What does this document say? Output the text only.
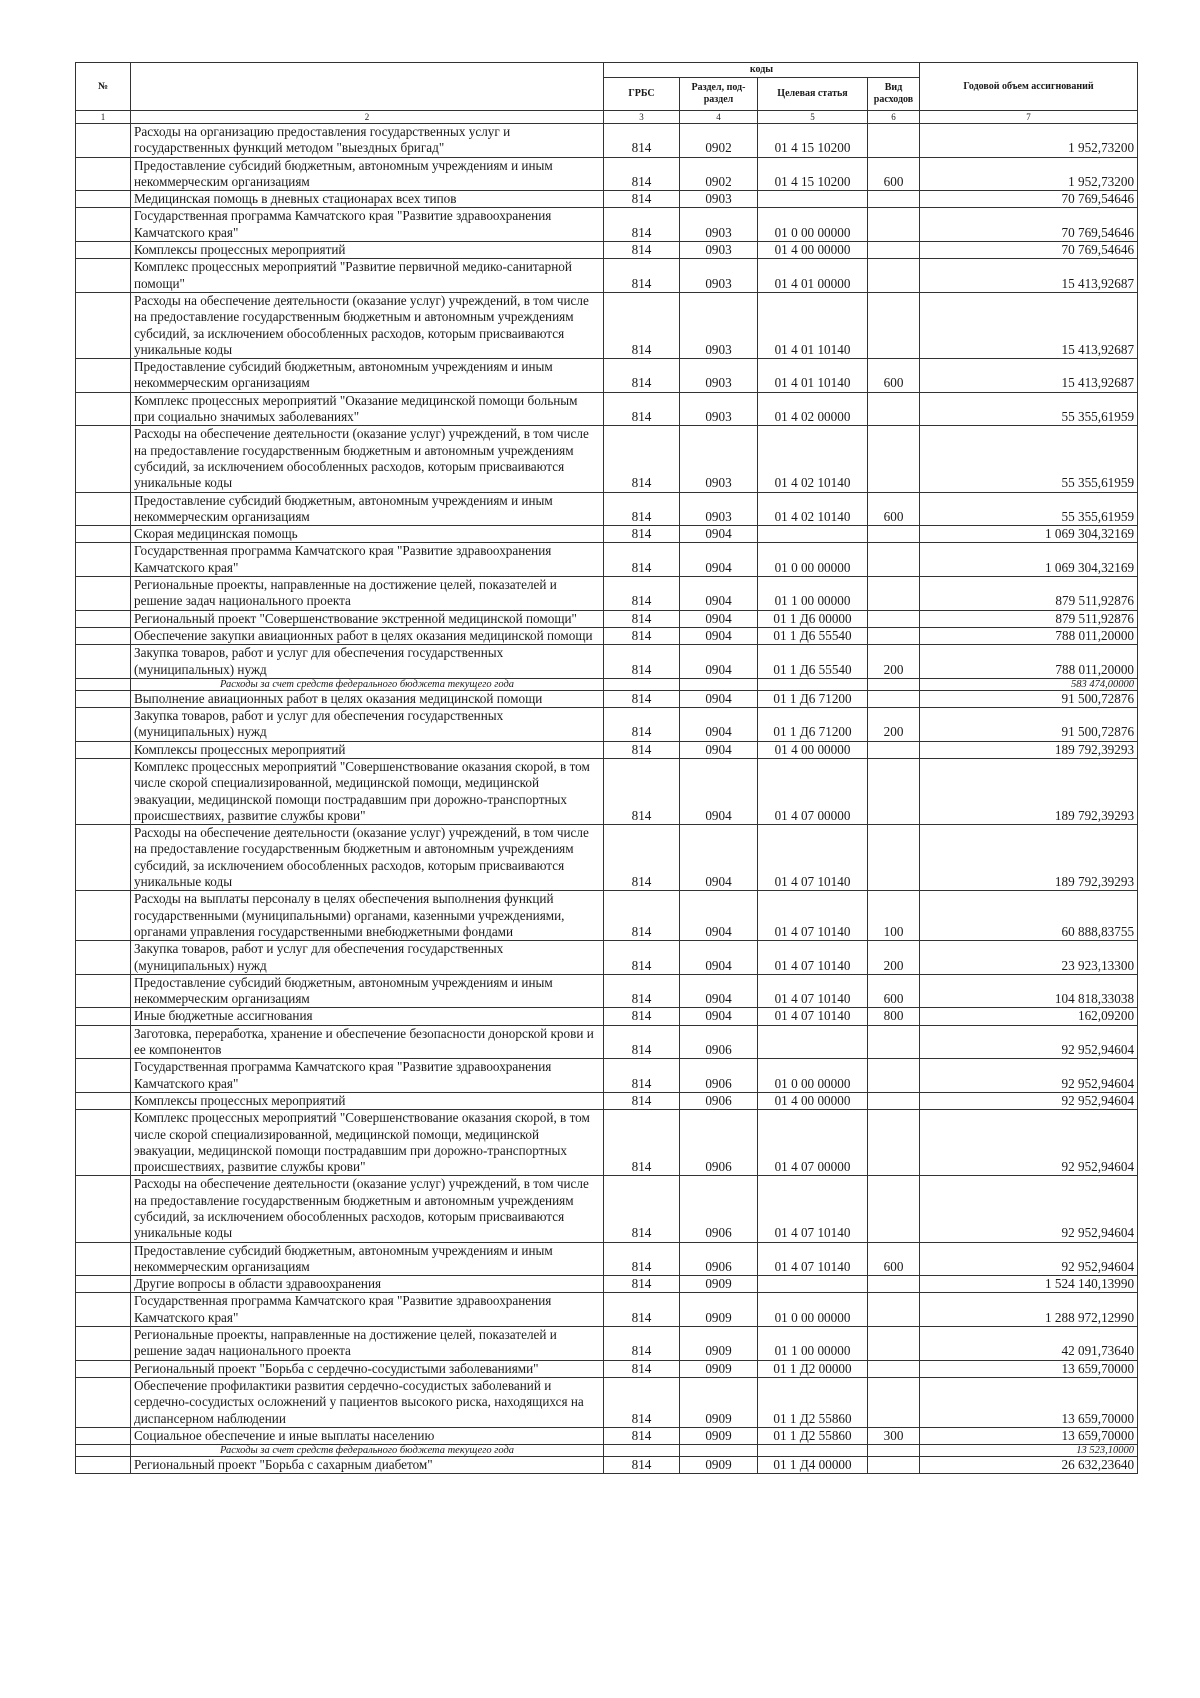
№		коды				Годовой объем ассигнований
		ГРБС	Раздел, под-раздел	Целевая статья	Вид расходов	
1	2	3	4	5	6	7
	Расходы на организацию предоставления государственных услуг и государственных функций методом "выездных бригад"	814	0902	01 4 15 10200		1 952,73200
	Предоставление субсидий бюджетным, автономным учреждениям и иным некоммерческим организациям	814	0902	01 4 15 10200	600	1 952,73200
	Медицинская помощь в дневных стационарах всех типов	814	0903			70 769,54646
	Государственная программа Камчатского края "Развитие здравоохранения Камчатского края"	814	0903	01 0 00 00000		70 769,54646
	Комплексы процессных мероприятий	814	0903	01 4 00 00000		70 769,54646
	Комплекс процессных мероприятий "Развитие первичной медико-санитарной помощи"	814	0903	01 4 01 00000		15 413,92687
	Расходы на обеспечение деятельности (оказание услуг) учреждений, в том числе на предоставление государственным бюджетным и автономным учреждениям субсидий, за исключением обособленных расходов, которым присваиваются уникальные коды	814	0903	01 4 01 10140		15 413,92687
	Предоставление субсидий бюджетным, автономным учреждениям и иным некоммерческим организациям	814	0903	01 4 01 10140	600	15 413,92687
	Комплекс процессных мероприятий "Оказание медицинской помощи больным при социально значимых заболеваниях"	814	0903	01 4 02 00000		55 355,61959
	Расходы на обеспечение деятельности (оказание услуг) учреждений, в том числе на предоставление государственным бюджетным и автономным учреждениям субсидий, за исключением обособленных расходов, которым присваиваются уникальные коды	814	0903	01 4 02 10140		55 355,61959
	Предоставление субсидий бюджетным, автономным учреждениям и иным некоммерческим организациям	814	0903	01 4 02 10140	600	55 355,61959
	Скорая медицинская помощь	814	0904			1 069 304,32169
	Государственная программа Камчатского края "Развитие здравоохранения Камчатского края"	814	0904	01 0 00 00000		1 069 304,32169
	Региональные проекты, направленные на достижение целей, показателей и решение задач национального проекта	814	0904	01 1 00 00000		879 511,92876
	Региональный проект "Совершенствование экстренной медицинской помощи"	814	0904	01 1 Д6 00000		879 511,92876
	Обеспечение закупки авиационных работ в целях оказания медицинской помощи	814	0904	01 1 Д6 55540		788 011,20000
	Закупка товаров, работ и услуг для обеспечения государственных (муниципальных) нужд	814	0904	01 1 Д6 55540	200	788 011,20000
	Расходы за счет средств федерального бюджета текущего года					583 474,00000
	Выполнение авиационных работ в целях оказания медицинской помощи	814	0904	01 1 Д6 71200		91 500,72876
	Закупка товаров, работ и услуг для обеспечения государственных (муниципальных) нужд	814	0904	01 1 Д6 71200	200	91 500,72876
	Комплексы процессных мероприятий	814	0904	01 4 00 00000		189 792,39293
	Комплекс процессных мероприятий "Совершенствование оказания скорой, в том числе скорой специализированной, медицинской помощи, медицинской эвакуации, медицинской помощи пострадавшим при дорожно-транспортных происшествиях, развитие службы крови"	814	0904	01 4 07 00000		189 792,39293
	Расходы на обеспечение деятельности (оказание услуг) учреждений, в том числе на предоставление государственным бюджетным и автономным учреждениям субсидий, за исключением обособленных расходов, которым присваиваются уникальные коды	814	0904	01 4 07 10140		189 792,39293
	Расходы на выплаты персоналу в целях обеспечения выполнения функций государственными (муниципальными) органами, казенными учреждениями, органами управления государственными внебюджетными фондами	814	0904	01 4 07 10140	100	60 888,83755
	Закупка товаров, работ и услуг для обеспечения государственных (муниципальных) нужд	814	0904	01 4 07 10140	200	23 923,13300
	Предоставление субсидий бюджетным, автономным учреждениям и иным некоммерческим организациям	814	0904	01 4 07 10140	600	104 818,33038
	Иные бюджетные ассигнования	814	0904	01 4 07 10140	800	162,09200
	Заготовка, переработка, хранение и обеспечение безопасности донорской крови и ее компонентов	814	0906			92 952,94604
	Государственная программа Камчатского края "Развитие здравоохранения Камчатского края"	814	0906	01 0 00 00000		92 952,94604
	Комплексы процессных мероприятий	814	0906	01 4 00 00000		92 952,94604
	Комплекс процессных мероприятий "Совершенствование оказания скорой, в том числе скорой специализированной, медицинской помощи, медицинской эвакуации, медицинской помощи пострадавшим при дорожно-транспортных происшествиях, развитие службы крови"	814	0906	01 4 07 00000		92 952,94604
	Расходы на обеспечение деятельности (оказание услуг) учреждений, в том числе на предоставление государственным бюджетным и автономным учреждениям субсидий, за исключением обособленных расходов, которым присваиваются уникальные коды	814	0906	01 4 07 10140		92 952,94604
	Предоставление субсидий бюджетным, автономным учреждениям и иным некоммерческим организациям	814	0906	01 4 07 10140	600	92 952,94604
	Другие вопросы в области здравоохранения	814	0909			1 524 140,13990
	Государственная программа Камчатского края "Развитие здравоохранения Камчатского края"	814	0909	01 0 00 00000		1 288 972,12990
	Региональные проекты, направленные на достижение целей, показателей и решение задач национального проекта	814	0909	01 1 00 00000		42 091,73640
	Региональный проект "Борьба с сердечно-сосудистыми заболеваниями"	814	0909	01 1 Д2 00000		13 659,70000
	Обеспечение профилактики развития сердечно-сосудистых заболеваний и сердечно-сосудистых осложнений у пациентов высокого риска, находящихся на диспансерном наблюдении	814	0909	01 1 Д2 55860		13 659,70000
	Социальное обеспечение и иные выплаты населению	814	0909	01 1 Д2 55860	300	13 659,70000
	Расходы за счет средств федерального бюджета текущего года					13 523,10000
	Региональный проект "Борьба с сахарным диабетом"	814	0909	01 1 Д4 00000		26 632,23640
